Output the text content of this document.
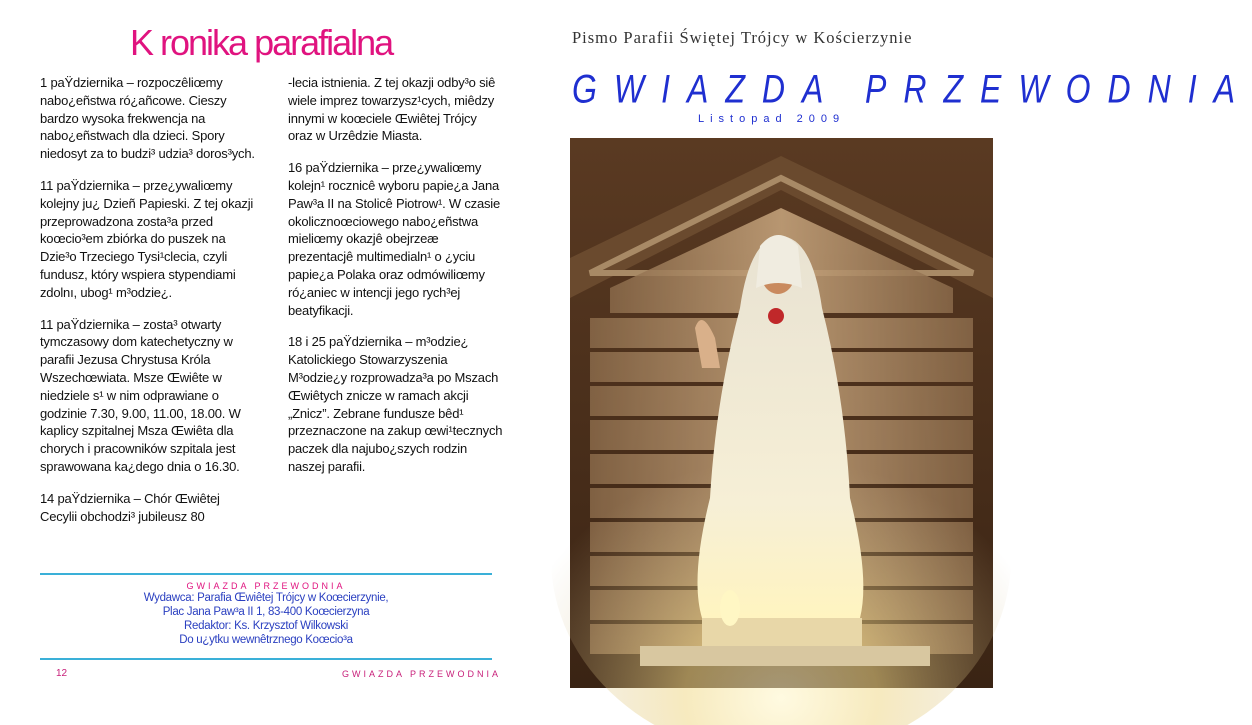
K ronika parafialna

1 paŸdziernika – rozpoczêliœmy nabo¿eñstwa ró¿añcowe. Cieszy bardzo wysoka frekwencja na nabo¿eñstwach dla dzieci. Spory niedosyt za to budzi³ udzia³ doros³ych.

11 paŸdziernika – prze¿ywaliœmy kolejny ju¿ Dzieñ Papieski. Z tej okazji przeprowadzona zosta³a przed koœcio³em zbiórka do puszek na Dzie³o Trzeciego Tysi¹clecia, czyli fundusz, który wspiera stypendiami zdolnı, ubog¹ m³odzie¿.

11 paŸdziernika – zosta³ otwarty tymczasowy dom katechetyczny w parafii Jezusa Chrystusa Króla Wszechœwiata. Msze Œwiête w niedziele s¹ w nim odprawiane o godzinie 7.30, 9.00, 11.00, 18.00. W kaplicy szpitalnej Msza Œwiêta dla chorych i pracowników szpitala jest sprawowana ka¿dego dnia o 16.30.

14 paŸdziernika – Chór Œwiêtej Cecylii obchodzi³ jubileusz 80

-lecia istnienia. Z tej okazji odby³o siê wiele imprez towarzysz¹cych, miêdzy innymi w koœciele Œwiêtej Trójcy oraz w Urzêdzie Miasta.

16 paŸdziernika – prze¿ywaliœmy kolejn¹ rocznicê wyboru papie¿a Jana Paw³a II na Stolicê Piotrow¹. W czasie okolicznoœciowego nabo¿eñstwa mieliœmy okazjê obejrzeæ prezentacjê multimedialn¹ o ¿yciu papie¿a Polaka oraz odmówiliœmy ró¿aniec w intencji jego rych³ej beatyfikacji.

18 i 25 paŸdziernika – m³odzie¿ Katolickiego Stowarzyszenia M³odzie¿y rozprowadza³a po Mszach Œwiêtych znicze w ramach akcji „Znicz”. Zebrane fundusze bêd¹ przeznaczone na zakup œwi¹tecznych paczek dla najubo¿szych rodzin naszej parafii.

GWIAZDA PRZEWODNIA
Wydawca: Parafia Œwiêtej Trójcy w Koœcierzynie,
Plac Jana Paw³a II 1, 83-400 Koœcierzyna
Redaktor: Ks. Krzysztof Wilkowski
Do u¿ytku wewnêtrznego Koœcio³a
12	GWIAZDA PRZEWODNIA
Pismo Parafii Świętej Trójcy w Kościerzynie
GWIAZDA PRZEWODNIA
Listopad 2009
